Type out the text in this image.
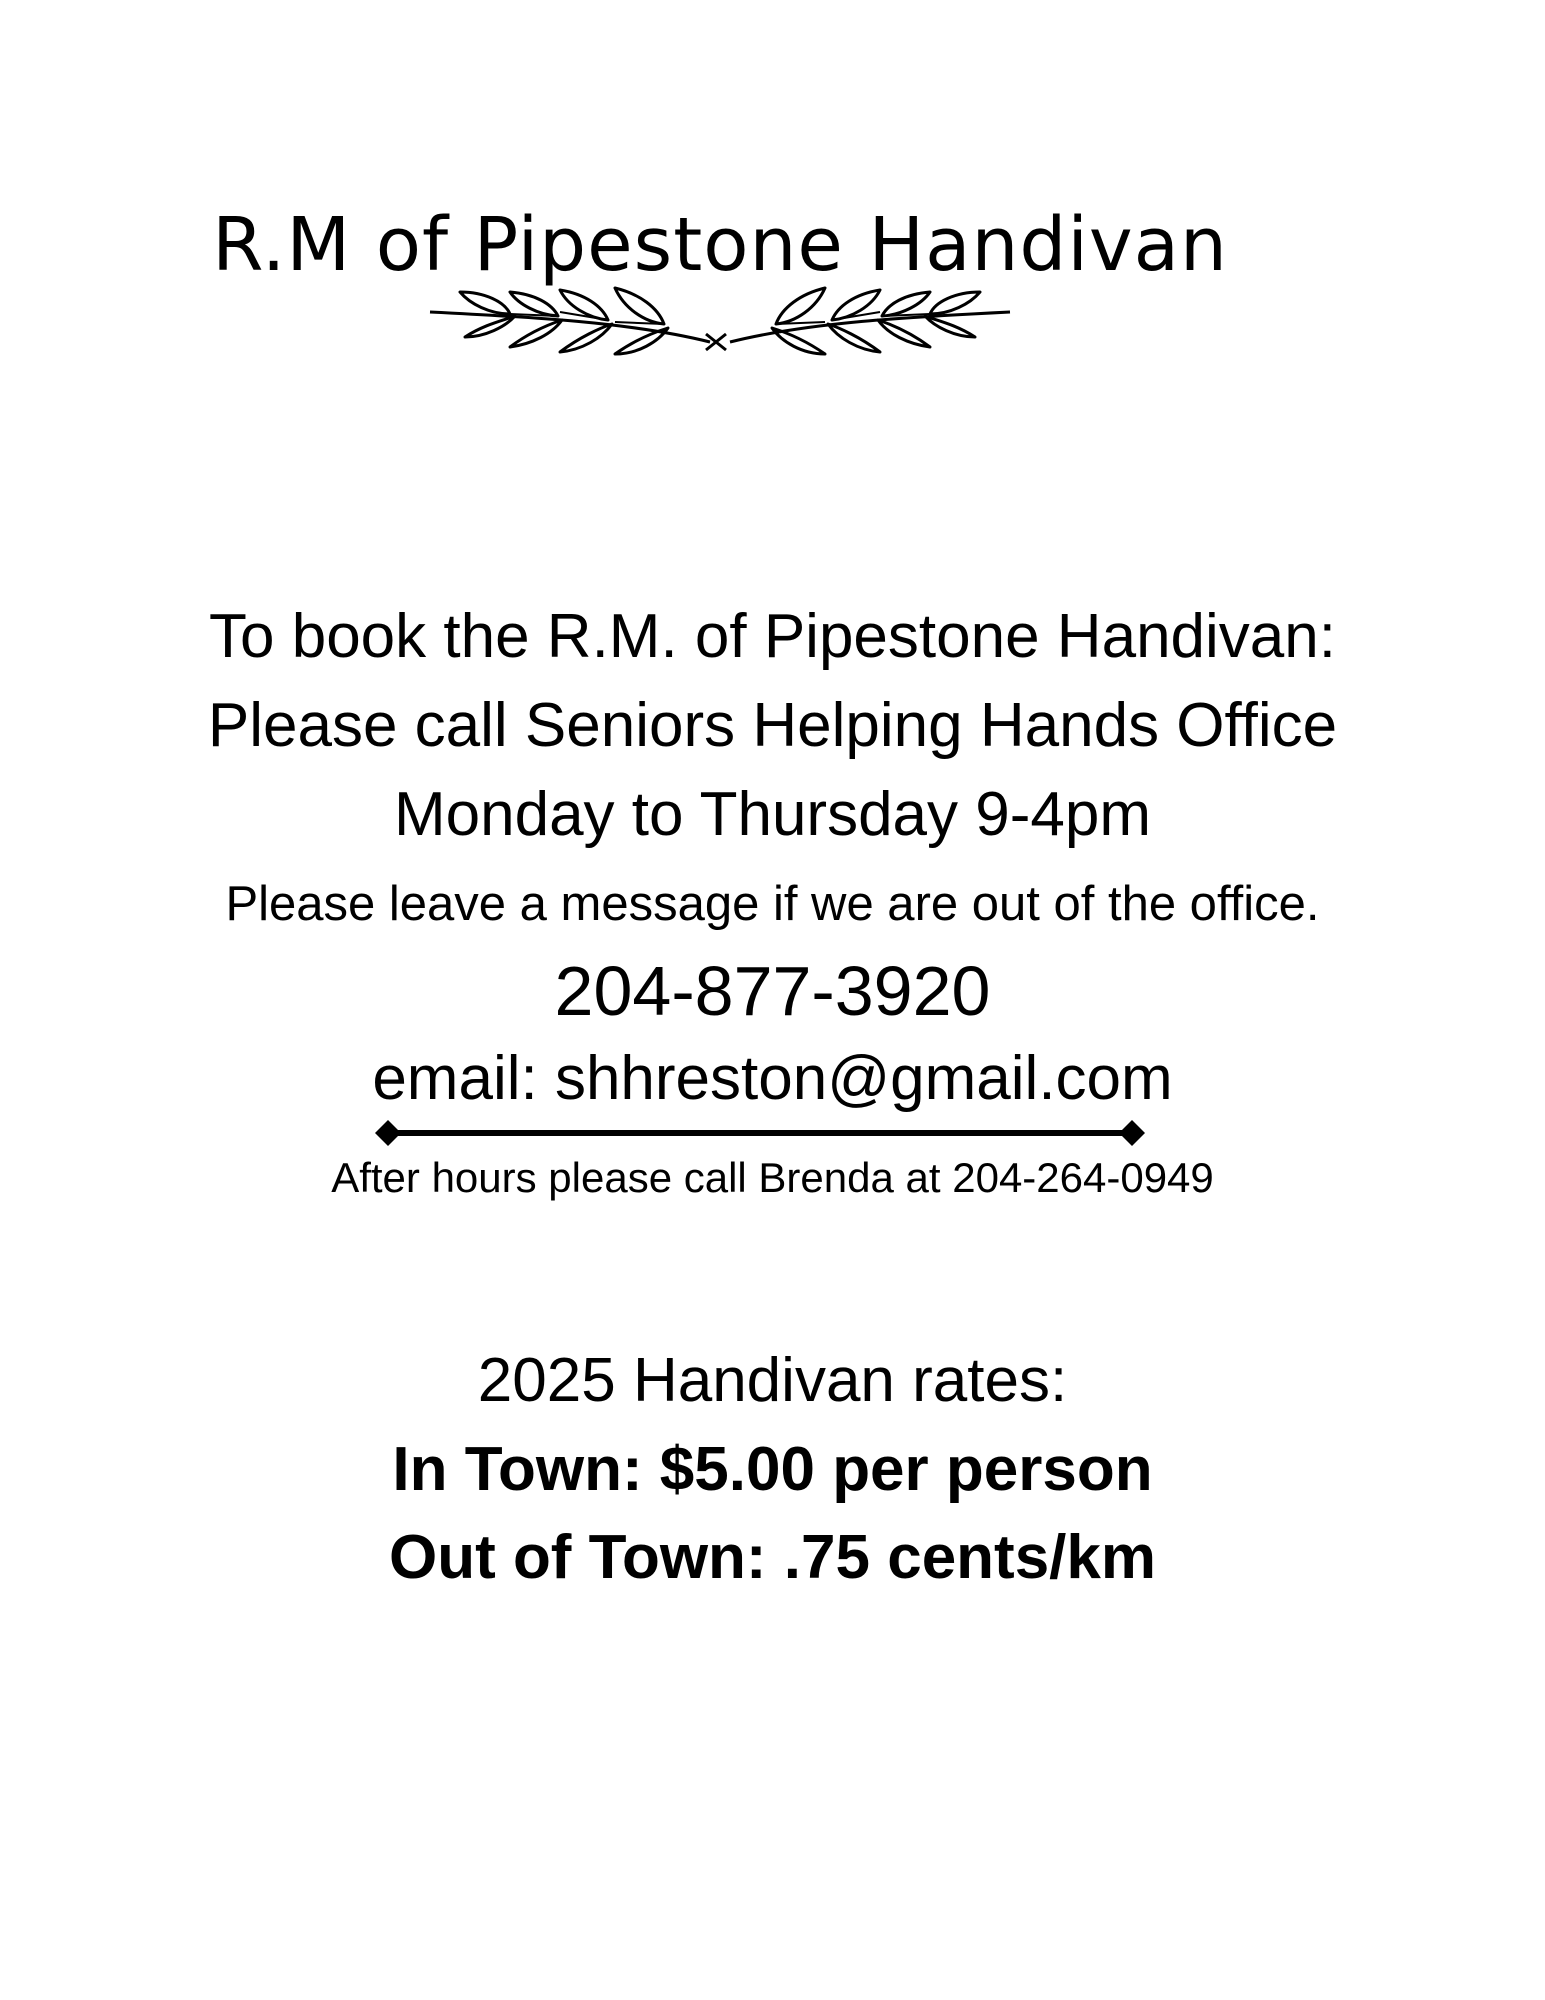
R.M of Pipestone Handivan
To book the R.M. of Pipestone Handivan:
Please call Seniors Helping Hands Office
Monday to Thursday 9-4pm
Please leave a message if we are out of the office.
204-877-3920
email: shhreston@gmail.com
After hours please call Brenda at 204-264-0949
2025 Handivan rates:
In Town: $5.00 per person
Out of Town: .75 cents/km
